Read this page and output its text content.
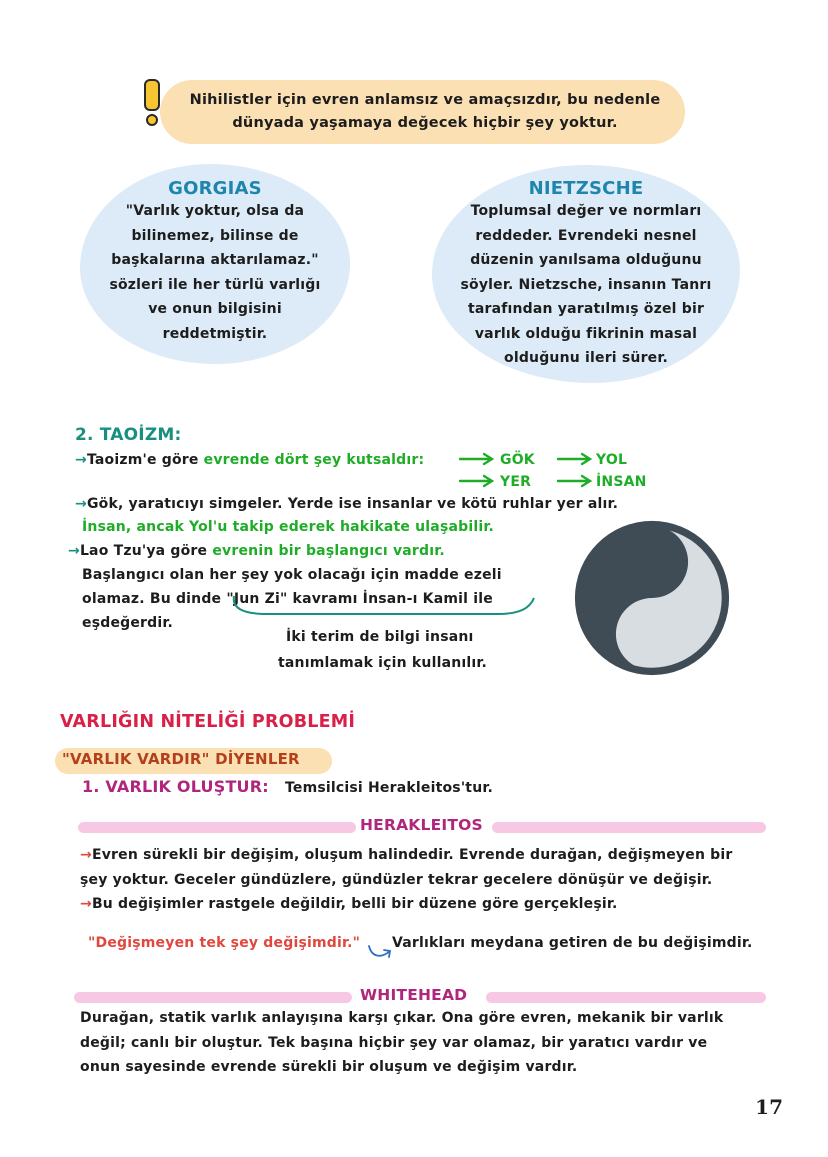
Nihilistler için evren anlamsız ve amaçsızdır, bu nedenle
dünyada yaşamaya değecek hiçbir şey yoktur.
GORGIAS
"Varlık yoktur, olsa da
bilinemez, bilinse de
başkalarına aktarılamaz."
sözleri ile her türlü varlığı
ve onun bilgisini
reddetmiştir.
NIETZSCHE
Toplumsal değer ve normları
reddeder. Evrendeki nesnel
düzenin yanılsama olduğunu
söyler. Nietzsche, insanın Tanrı
tarafından yaratılmış özel bir
varlık olduğu fikrinin masal
olduğunu ileri sürer.
2. TAOİZM:
→Taoizm'e göre evrende dört şey kutsaldır:	GÖK	YOL
YER	İNSAN
→Gök, yaratıcıyı simgeler. Yerde ise insanlar ve kötü ruhlar yer alır.
İnsan, ancak Yol'u takip ederek hakikate ulaşabilir.
→Lao Tzu'ya göre evrenin bir başlangıcı vardır.
Başlangıcı olan her şey yok olacağı için madde ezeli
olamaz. Bu dinde "Jun Zi" kavramı İnsan-ı Kamil ile
eşdeğerdir.
İki terim de bilgi insanı
tanımlamak için kullanılır.
VARLIĞIN NİTELİĞİ PROBLEMİ
"VARLIK VARDIR" DİYENLER
1. VARLIK OLUŞTUR: Temsilcisi Herakleitos'tur.
HERAKLEITOS
→Evren sürekli bir değişim, oluşum halindedir. Evrende durağan, değişmeyen bir
şey yoktur. Geceler gündüzlere, gündüzler tekrar gecelere dönüşür ve değişir.
→Bu değişimler rastgele değildir, belli bir düzene göre gerçekleşir.
"Değişmeyen tek şey değişimdir." Varlıkları meydana getiren de bu değişimdir.
WHITEHEAD
Durağan, statik varlık anlayışına karşı çıkar. Ona göre evren, mekanik bir varlık
değil; canlı bir oluştur. Tek başına hiçbir şey var olamaz, bir yaratıcı vardır ve
onun sayesinde evrende sürekli bir oluşum ve değişim vardır.
17
